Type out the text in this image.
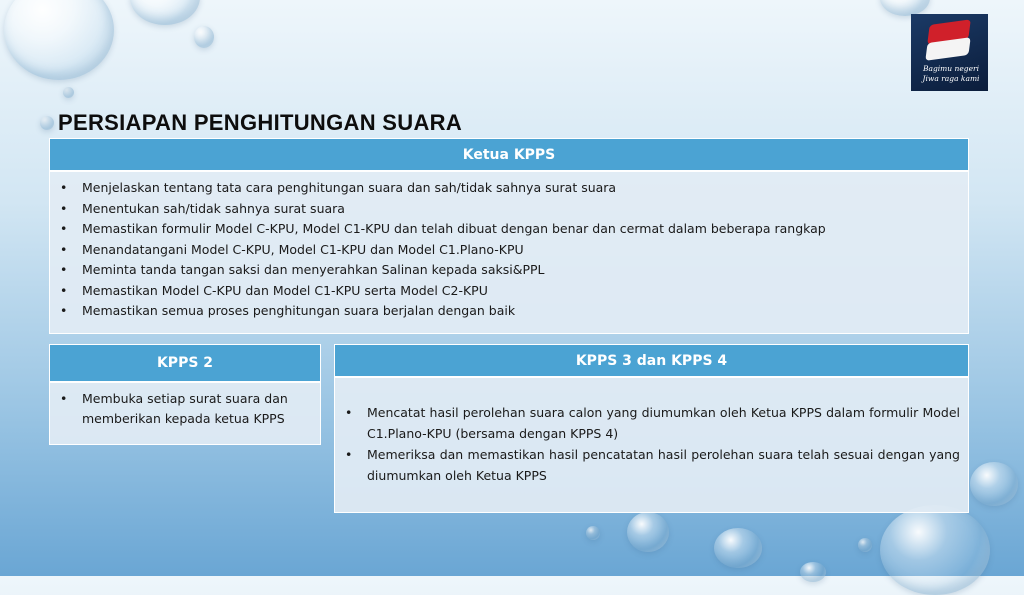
Bagimu negeri
Jiwa raga kami
PERSIAPAN PENGHITUNGAN SUARA
Ketua KPPS
• Menjelaskan tentang tata cara penghitungan suara dan sah/tidak sahnya surat suara
• Menentukan sah/tidak sahnya surat suara
• Memastikan formulir Model C-KPU, Model C1-KPU dan telah dibuat dengan benar dan cermat dalam beberapa rangkap
• Menandatangani Model C-KPU, Model C1-KPU dan Model C1.Plano-KPU
• Meminta tanda tangan saksi dan menyerahkan Salinan kepada saksi&PPL
• Memastikan Model C-KPU dan Model C1-KPU serta Model C2-KPU
• Memastikan semua proses penghitungan suara berjalan dengan baik
KPPS 2
• Membuka setiap surat suara dan memberikan kepada ketua KPPS
KPPS 3 dan KPPS 4
• Mencatat hasil perolehan suara calon yang diumumkan oleh Ketua KPPS dalam formulir Model C1.Plano-KPU (bersama dengan KPPS 4)
• Memeriksa dan memastikan hasil pencatatan hasil perolehan suara telah sesuai dengan yang diumumkan oleh Ketua KPPS
